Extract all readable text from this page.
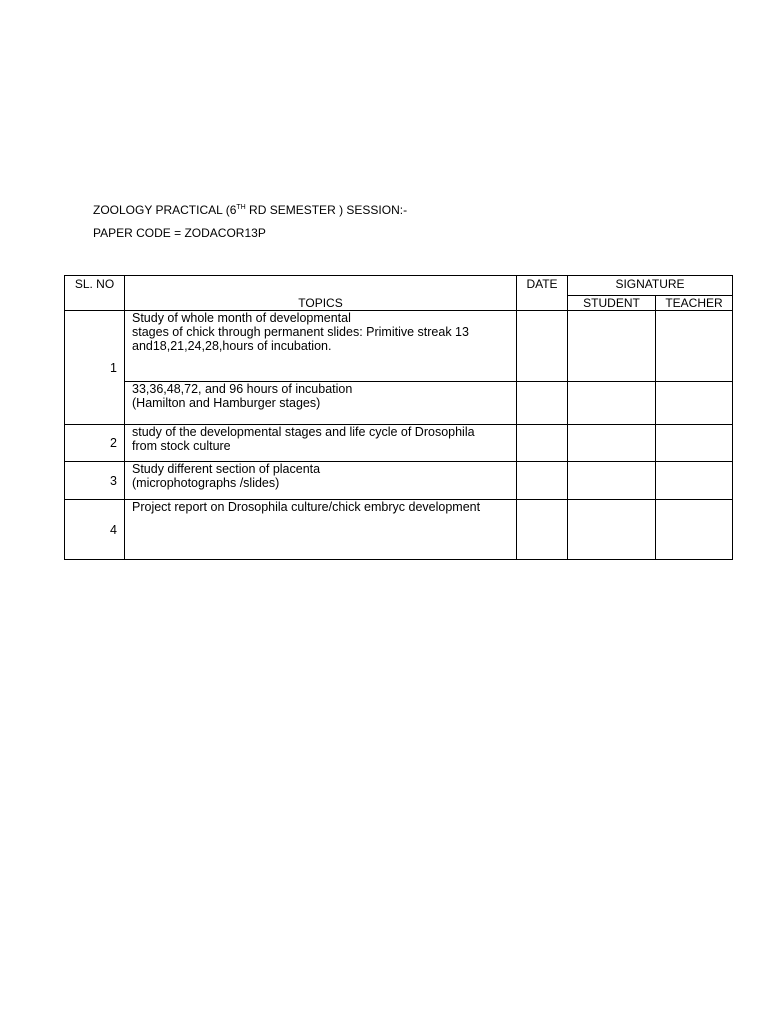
ZOOLOGY PRACTICAL (6TH RD SEMESTER ) SESSION:-
PAPER CODE = ZODACOR13P
SL. NO	TOPICS	DATE	SIGNATURE	
			STUDENT	TEACHER
1	Study of whole month of developmental
stages of chick through permanent slides: Primitive streak 13
and18,21,24,28,hours of incubation.			

	33,36,48,72, and 96 hours of incubation
(Hamilton and Hamburger stages)			

2	study of the developmental stages and life cycle of Drosophila
from stock culture			

3	Study different section of placenta
(microphotographs /slides)			

4	Project report on Drosophila culture/chick embryc development			
